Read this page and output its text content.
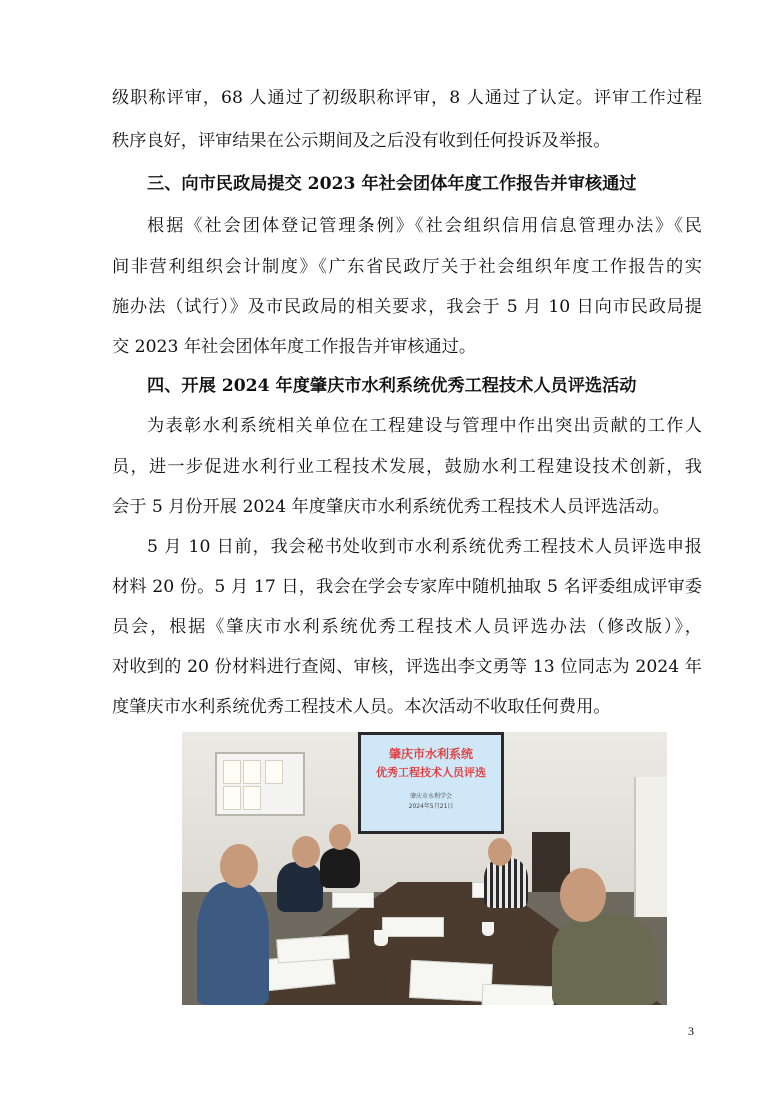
级职称评审，68 人通过了初级职称评审，8 人通过了认定。评审工作过程
秩序良好，评审结果在公示期间及之后没有收到任何投诉及举报。
三、向市民政局提交 2023 年社会团体年度工作报告并审核通过
根据《社会团体登记管理条例》《社会组织信用信息管理办法》《民
间非营利组织会计制度》《广东省民政厅关于社会组织年度工作报告的实
施办法（试行）》及市民政局的相关要求，我会于 5 月 10 日向市民政局提
交 2023 年社会团体年度工作报告并审核通过。
四、开展 2024 年度肇庆市水利系统优秀工程技术人员评选活动
为表彰水利系统相关单位在工程建设与管理中作出突出贡献的工作人
员，进一步促进水利行业工程技术发展，鼓励水利工程建设技术创新，我
会于 5 月份开展 2024 年度肇庆市水利系统优秀工程技术人员评选活动。
5 月 10 日前，我会秘书处收到市水利系统优秀工程技术人员评选申报
材料 20 份。5 月 17 日，我会在学会专家库中随机抽取 5 名评委组成评审委
员会，根据《肇庆市水利系统优秀工程技术人员评选办法（修改版）》，
对收到的 20 份材料进行查阅、审核，评选出李文勇等 13 位同志为 2024 年
度肇庆市水利系统优秀工程技术人员。本次活动不收取任何费用。
肇庆市水利系统
优秀工程技术人员评选
肇庆市水利学会
2024年5月21日
3
